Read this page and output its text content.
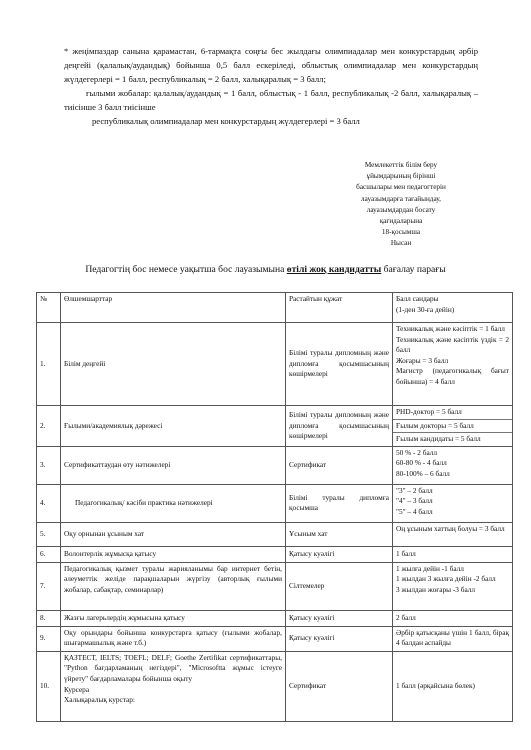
* жеңімпаздар санына қарамастан, 6-тармақта соңғы бес жылдағы олимпиадалар мен конкурстардың әрбір деңгейі (қалалық/аудандық) бойынша 0,5 балл ескеріледі, облыстық олимпиадалар мен конкурстардың жүлдегерлері = 1 балл, республикалық = 2 балл, халықаралық = 3 балл;

ғылыми жобалар: қалалық/аудандық = 1 балл, облыстық - 1 балл, республикалық -2 балл, халықаралық – тиісінше 3 балл тиісінше

республикалық олимпиадалар мен конкурстардың жүлдегерлері = 3 балл

Мемлекеттік білім беру
ұйымдарының бірінші
басшылары мен педагогтерін
лауазымдарға тағайындау,
лауазымдардан босату
қағидаларына
18-қосымша
Нысан
Педагогтің бос немесе уақытша бос лауазымына өтілі жоқ кандидатты бағалау парағы
№	Өлшемшарттар	Растайтын құжат	Балл сандары
(1-ден 30-ға дейін)

1.	Білім деңгейі	Білімі туралы дипломның және дипломға қосымшасының көшірмелері	Техникалық және кәсіптік = 1 балл
Техникалық және кәсіптік үздік = 2 балл
Жоғары = 3 балл
Магистр (педагогикалық бағыт бойынша) = 4 балл

2.	Ғылыми/академиялық дәрежесі	Білімі туралы дипломның және дипломға қосымшасының көшірмелері	PHD-доктор = 5 балл
Ғылым докторы = 5 балл
Ғылым кандидаты = 5 балл

3.	Сертификаттаудан өту нәтижелері	Сертификат	50 % - 2 балл
60-80 % - 4 балл
80-100% – 6 балл

4.	Педагогикалық/ кәсіби практика нәтижелері	Білімі туралы дипломға қосымша	"3" – 2 балл
"4" – 3 балл
"5" – 4 балл

5.	Оқу орнынан ұсыным хат	Ұсыным хат	Оң ұсыным хаттың болуы = 3 балл
6.	Волонтерлік жұмысқа қатысу	Қатысу куәлігі	1 балл
7.	Педагогикалық қызмет туралы жарияланымы бар интернет бетін, әлеуметтік желіде парақшаларын жүргізу (авторлық ғылыми жобалар, сабақтар, семинарлар)	Сілтемелер	1 жылға дейін -1 балл
1 жылдан 3 жылға дейін -2 балл
3 жылдан жоғары -3 балл

8.	Жазғы лагерьлердің жұмысына қатысу	Қатысу куәлігі	2 балл
9.	Оқу орындары бойынша конкурстарға қатысу (ғылыми жобалар, шығармашылық және т.б.)	Қатысу куәлігі	Әрбір қатысқаны үшін 1 балл, бірақ 4 балдан аспайды
10.	ҚАЗТЕСТ, IELTS; TOEFL; DELF; Goethe Zertifikat сертификаттары, "Python бағдарламаның негіздері", "Microsoftta жұмыс істеуге үйрету" бағдарламалары бойынша оқыту
Курсера
Халықаралық курстар:	Сертификат	1 балл (әрқайсына бөлек)
